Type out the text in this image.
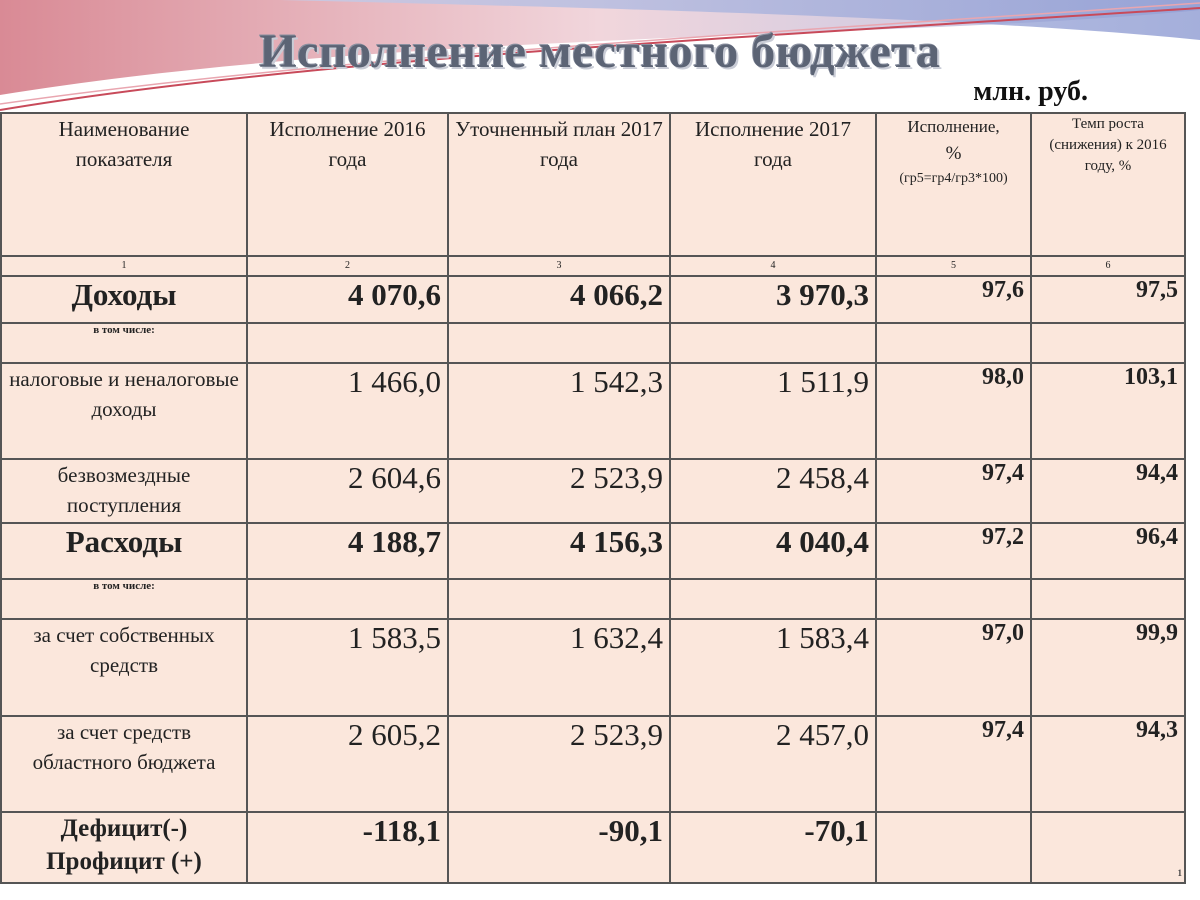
Исполнение местного бюджета
млн. руб.
Наименование показателя	Исполнение 2016 года	Уточненный план 2017 года	Исполнение 2017 года	Исполнение,
%
(гр5=гр4/гр3*100)	Темп роста (снижения) к 2016 году, %
1	2	3	4	5	6
Доходы	4 070,6	4 066,2	3 970,3	97,6	97,5
в том числе:					
налоговые и неналоговые доходы	1 466,0	1 542,3	1 511,9	98,0	103,1
безвозмездные поступления	2 604,6	2 523,9	2 458,4	97,4	94,4
Расходы	4 188,7	4 156,3	4 040,4	97,2	96,4
в том числе:					
за счет собственных средств	1 583,5	1 632,4	1 583,4	97,0	99,9
за счет средств областного бюджета	2 605,2	2 523,9	2 457,0	97,4	94,3

Дефицит(-)
Профицит (+)	-118,1	-90,1	-70,1		
1
